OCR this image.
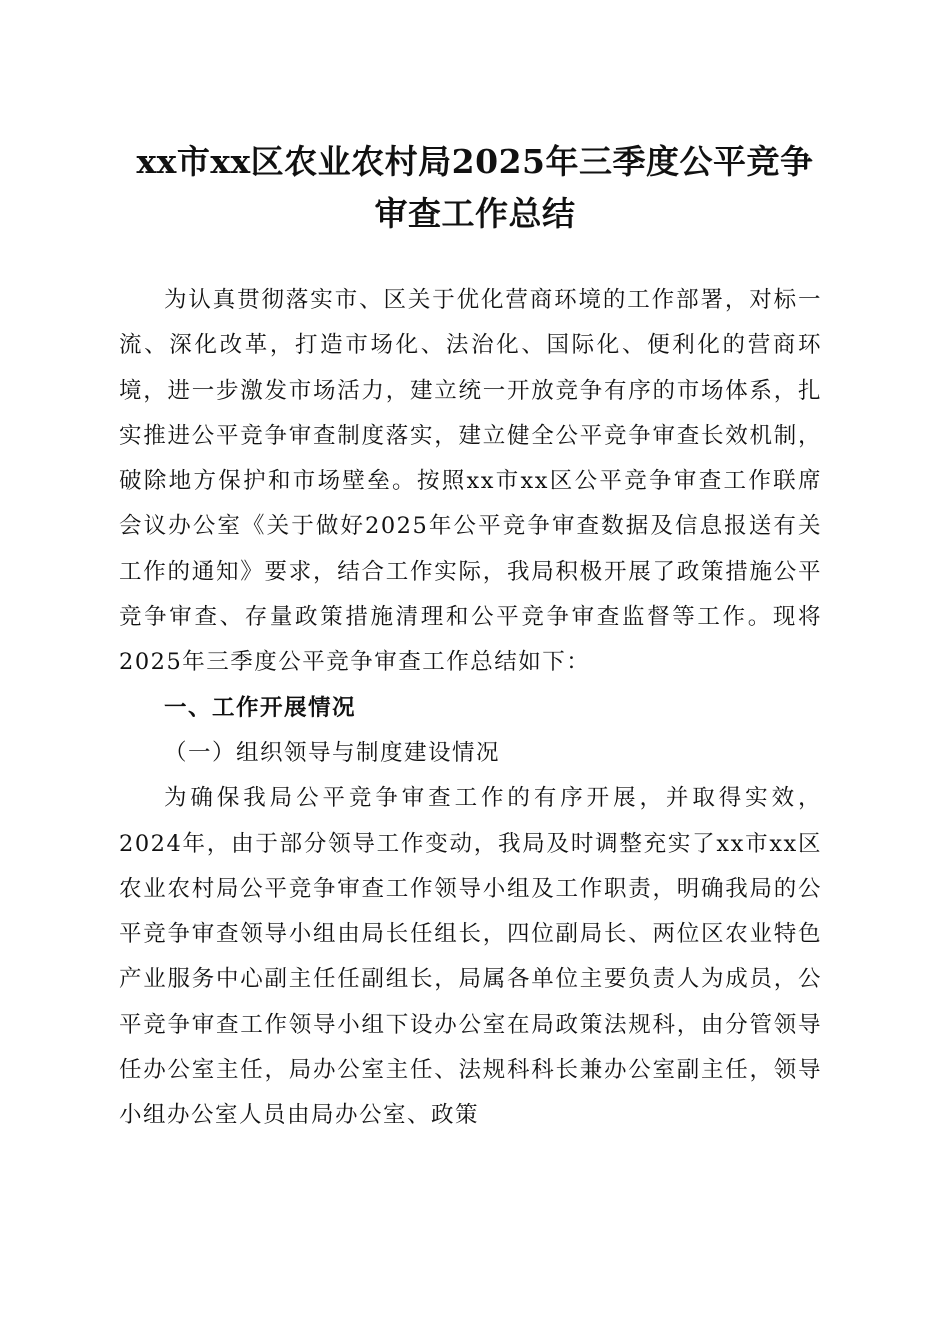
xx市xx区农业农村局2025年三季度公平竞争
审查工作总结

为认真贯彻落实市、区关于优化营商环境的工作部署，对标一流、深化改革，打造市场化、法治化、国际化、便利化的营商环境，进一步激发市场活力，建立统一开放竞争有序的市场体系，扎实推进公平竞争审查制度落实，建立健全公平竞争审查长效机制，破除地方保护和市场壁垒。按照xx市xx区公平竞争审查工作联席会议办公室《关于做好2025年公平竞争审查数据及信息报送有关工作的通知》要求，结合工作实际，我局积极开展了政策措施公平竞争审查、存量政策措施清理和公平竞争审查监督等工作。现将2025年三季度公平竞争审查工作总结如下：

一、工作开展情况

（一）组织领导与制度建设情况

为确保我局公平竞争审查工作的有序开展，并取得实效，2024年，由于部分领导工作变动，我局及时调整充实了xx市xx区农业农村局公平竞争审查工作领导小组及工作职责，明确我局的公平竞争审查领导小组由局长任组长，四位副局长、两位区农业特色产业服务中心副主任任副组长，局属各单位主要负责人为成员，公平竞争审查工作领导小组下设办公室在局政策法规科，由分管领导任办公室主任，局办公室主任、法规科科长兼办公室副主任，领导小组办公室人员由局办公室、政策
